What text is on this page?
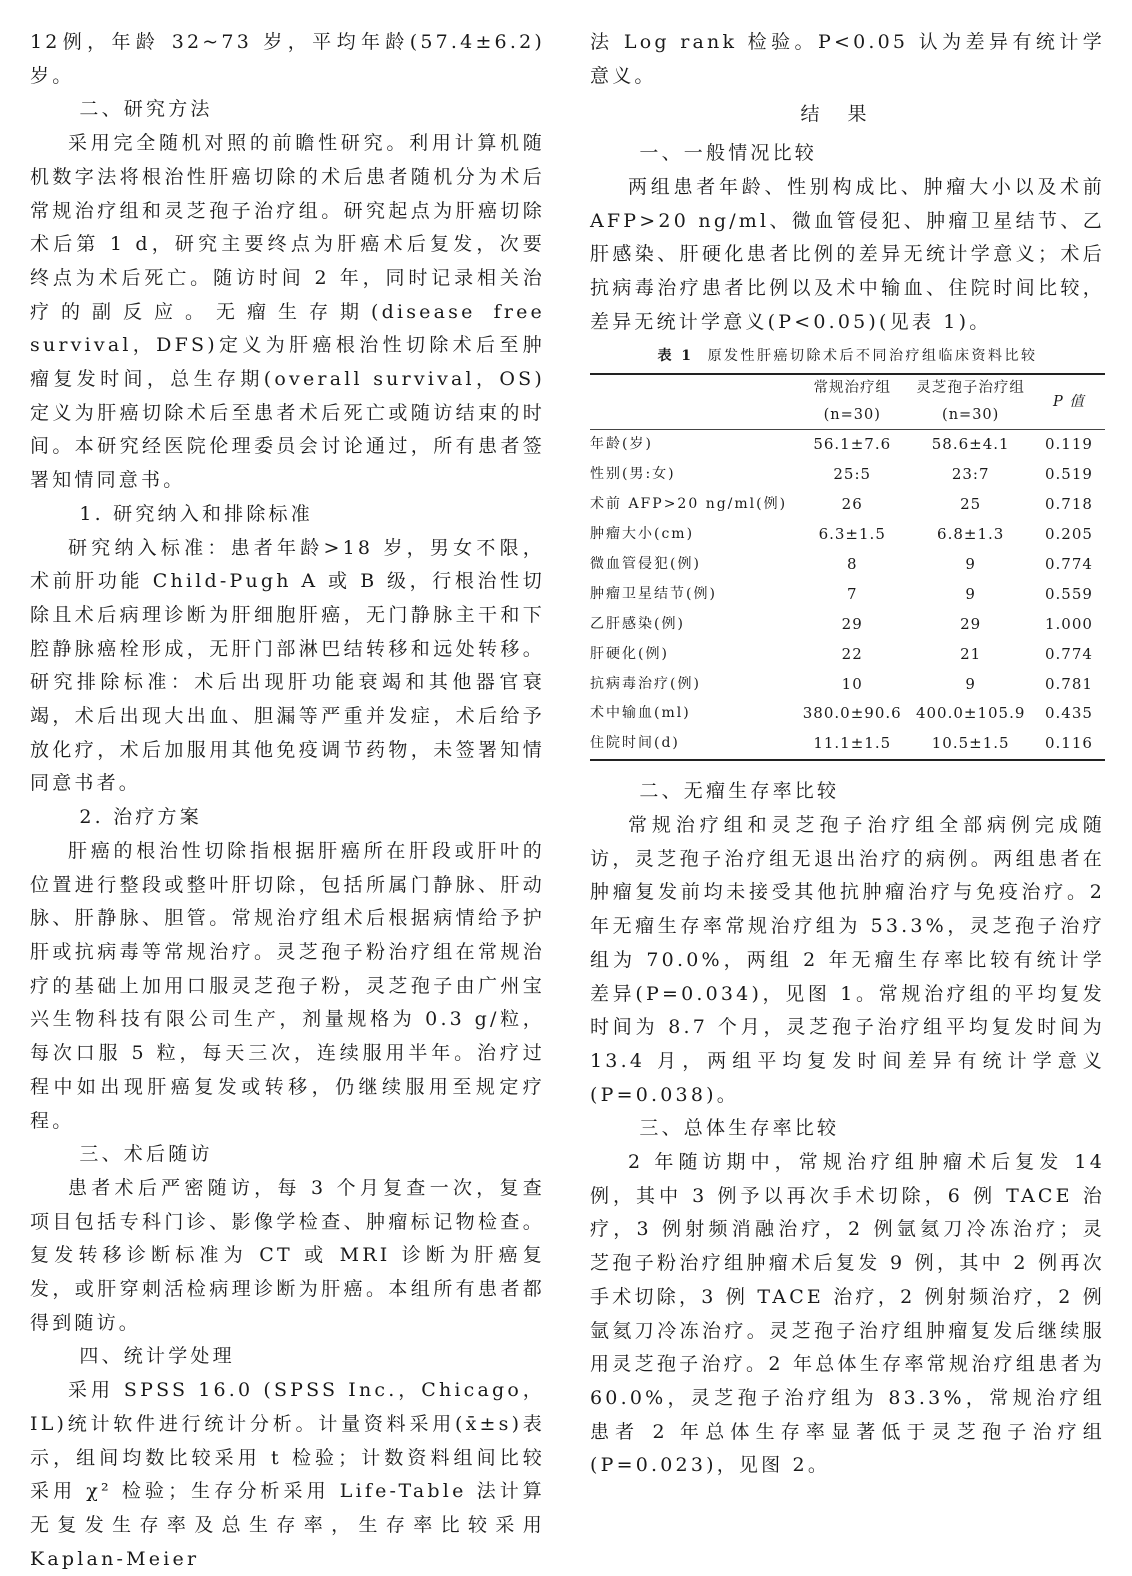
12例，年龄 32~73 岁，平均年龄(57.4±6.2)岁。

二、研究方法

采用完全随机对照的前瞻性研究。利用计算机随机数字法将根治性肝癌切除的术后患者随机分为术后常规治疗组和灵芝孢子治疗组。研究起点为肝癌切除术后第 1 d，研究主要终点为肝癌术后复发，次要终点为术后死亡。随访时间 2 年，同时记录相关治疗的副反应。无瘤生存期(disease free survival，DFS)定义为肝癌根治性切除术后至肿瘤复发时间，总生存期(overall survival，OS)定义为肝癌切除术后至患者术后死亡或随访结束的时间。本研究经医院伦理委员会讨论通过，所有患者签署知情同意书。

1. 研究纳入和排除标准

研究纳入标准：患者年龄>18 岁，男女不限，术前肝功能 Child-Pugh A 或 B 级，行根治性切除且术后病理诊断为肝细胞肝癌，无门静脉主干和下腔静脉癌栓形成，无肝门部淋巴结转移和远处转移。研究排除标准：术后出现肝功能衰竭和其他器官衰竭，术后出现大出血、胆漏等严重并发症，术后给予放化疗，术后加服用其他免疫调节药物，未签署知情同意书者。

2. 治疗方案

肝癌的根治性切除指根据肝癌所在肝段或肝叶的位置进行整段或整叶肝切除，包括所属门静脉、肝动脉、肝静脉、胆管。常规治疗组术后根据病情给予护肝或抗病毒等常规治疗。灵芝孢子粉治疗组在常规治疗的基础上加用口服灵芝孢子粉，灵芝孢子由广州宝兴生物科技有限公司生产，剂量规格为 0.3 g/粒，每次口服 5 粒，每天三次，连续服用半年。治疗过程中如出现肝癌复发或转移，仍继续服用至规定疗程。

三、术后随访

患者术后严密随访，每 3 个月复查一次，复查项目包括专科门诊、影像学检查、肿瘤标记物检查。复发转移诊断标准为 CT 或 MRI 诊断为肝癌复发，或肝穿刺活检病理诊断为肝癌。本组所有患者都得到随访。

四、统计学处理

采用 SPSS 16.0 (SPSS Inc.，Chicago，IL)统计软件进行统计分析。计量资料采用(x̄±s)表示，组间均数比较采用 t 检验；计数资料组间比较采用 χ² 检验；生存分析采用 Life-Table 法计算无复发生存率及总生存率，生存率比较采用 Kaplan-Meier

法 Log rank 检验。P<0.05 认为差异有统计学意义。

结果

一、一般情况比较

两组患者年龄、性别构成比、肿瘤大小以及术前 AFP>20 ng/ml、微血管侵犯、肿瘤卫星结节、乙肝感染、肝硬化患者比例的差异无统计学意义；术后抗病毒治疗患者比例以及术中输血、住院时间比较，差异无统计学意义(P<0.05)(见表 1)。

表 1 原发性肝癌切除术后不同治疗组临床资料比较
	常规治疗组	灵芝孢子治疗组	P 值
	(n=30)	(n=30)	
年龄(岁)	56.1±7.6	58.6±4.1	0.119
性别(男:女)	25:5	23:7	0.519
术前 AFP>20 ng/ml(例)	26	25	0.718
肿瘤大小(cm)	6.3±1.5	6.8±1.3	0.205
微血管侵犯(例)	8	9	0.774
肿瘤卫星结节(例)	7	9	0.559
乙肝感染(例)	29	29	1.000
肝硬化(例)	22	21	0.774
抗病毒治疗(例)	10	9	0.781
术中输血(ml)	380.0±90.6	400.0±105.9	0.435
住院时间(d)	11.1±1.5	10.5±1.5	0.116

二、无瘤生存率比较

常规治疗组和灵芝孢子治疗组全部病例完成随访，灵芝孢子治疗组无退出治疗的病例。两组患者在肿瘤复发前均未接受其他抗肿瘤治疗与免疫治疗。2 年无瘤生存率常规治疗组为 53.3%，灵芝孢子治疗组为 70.0%，两组 2 年无瘤生存率比较有统计学差异(P=0.034)，见图 1。常规治疗组的平均复发时间为 8.7 个月，灵芝孢子治疗组平均复发时间为 13.4 月，两组平均复发时间差异有统计学意义(P=0.038)。

三、总体生存率比较

2 年随访期中，常规治疗组肿瘤术后复发 14 例，其中 3 例予以再次手术切除，6 例 TACE 治疗，3 例射频消融治疗，2 例氩氦刀冷冻治疗；灵芝孢子粉治疗组肿瘤术后复发 9 例，其中 2 例再次手术切除，3 例 TACE 治疗，2 例射频治疗，2 例氩氦刀冷冻治疗。灵芝孢子治疗组肿瘤复发后继续服用灵芝孢子治疗。2 年总体生存率常规治疗组患者为 60.0%，灵芝孢子治疗组为 83.3%，常规治疗组患者 2 年总体生存率显著低于灵芝孢子治疗组(P=0.023)，见图 2。
